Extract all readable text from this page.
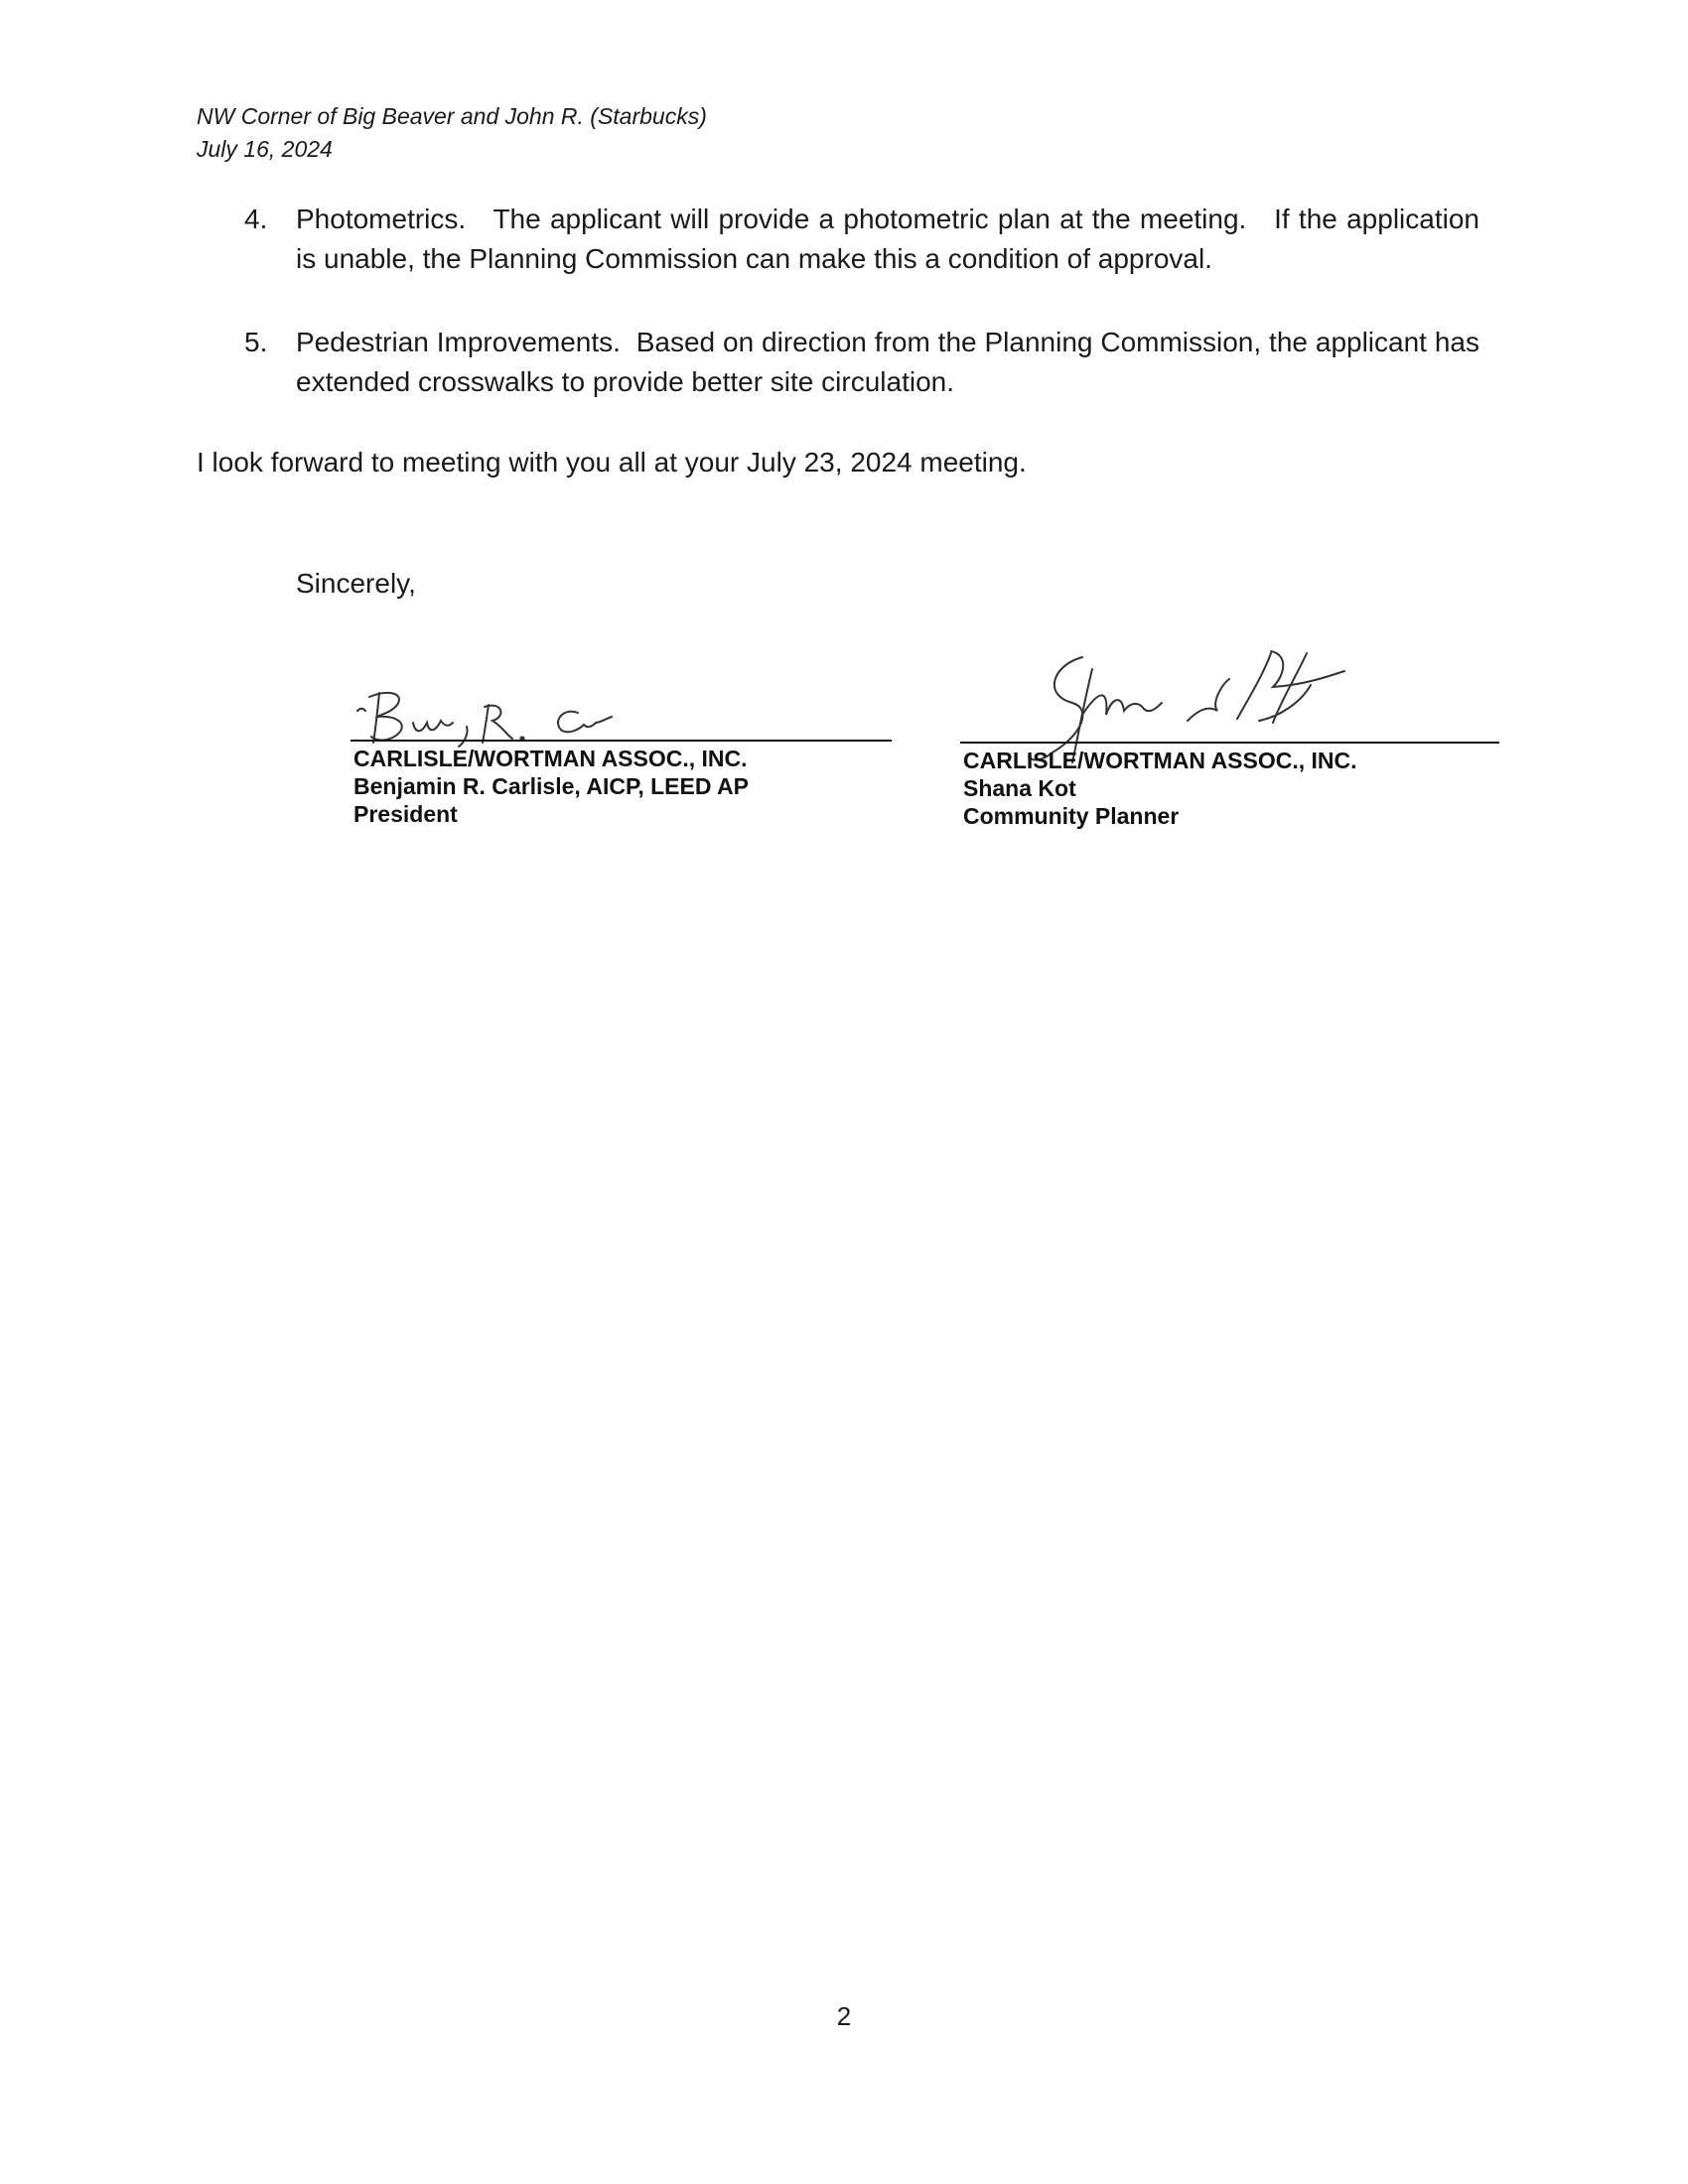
NW Corner of Big Beaver and John R. (Starbucks)
July 16, 2024
4. Photometrics.   The applicant will provide a photometric plan at the meeting.   If the application is unable, the Planning Commission can make this a condition of approval.
5. Pedestrian Improvements.  Based on direction from the Planning Commission, the applicant has extended crosswalks to provide better site circulation.
I look forward to meeting with you all at your July 23, 2024 meeting.
Sincerely,
CARLISLE/WORTMAN ASSOC., INC.
Benjamin R. Carlisle, AICP, LEED AP
President
CARLISLE/WORTMAN ASSOC., INC.
Shana Kot
Community Planner
2
